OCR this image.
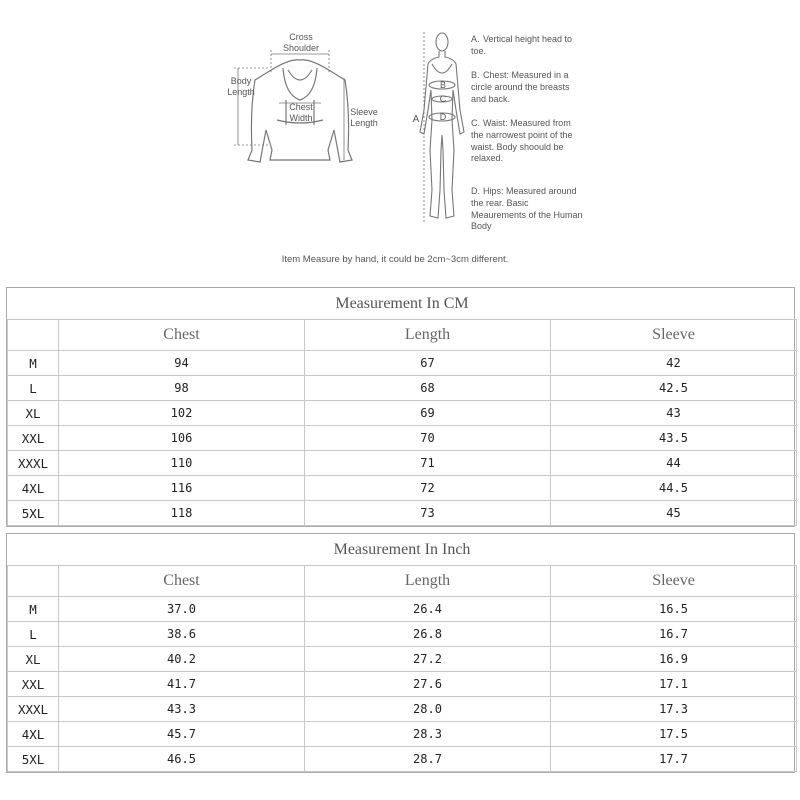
Cross
Shoulder
Body
Length
Chest
Width
Sleeve
Length	A
B
C
D
A. Vertical height head to toe.
B. Chest: Measured in a circle around the breasts and back.
C. Waist: Measured from the narrowest point of the waist. Body shoould be relaxed.
D. Hips: Measured around the rear. Basic Meaurements of the Human Body
Item Measure by hand, it could be 2cm~3cm different.
Measurement In CM			
	Chest	Length	Sleeve
M	94	67	42
L	98	68	42.5
XL	102	69	43
XXL	106	70	43.5
XXXL	110	71	44
4XL	116	72	44.5
5XL	118	73	45
Measurement In Inch			
	Chest	Length	Sleeve
M	37.0	26.4	16.5
L	38.6	26.8	16.7
XL	40.2	27.2	16.9
XXL	41.7	27.6	17.1
XXXL	43.3	28.0	17.3
4XL	45.7	28.3	17.5
5XL	46.5	28.7	17.7
